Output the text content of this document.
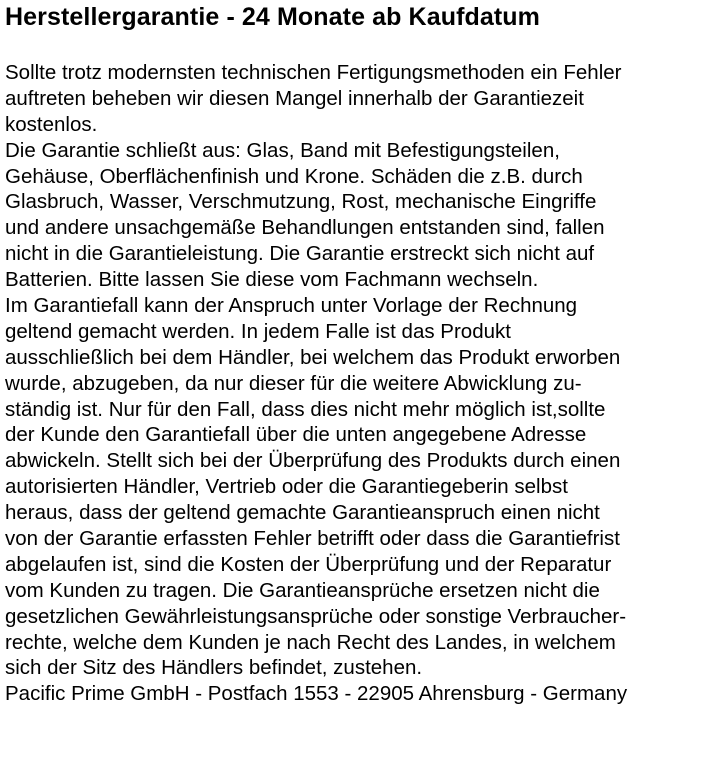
Herstellergarantie - 24 Monate ab Kaufdatum
Sollte trotz modernsten technischen Fertigungsmethoden ein Fehler
auftreten beheben wir diesen Mangel innerhalb der Garantiezeit
kostenlos.
Die Garantie schließt aus: Glas, Band mit Befestigungsteilen,
Gehäuse, Oberflächenfinish und Krone. Schäden die z.B. durch
Glasbruch, Wasser, Verschmutzung, Rost, mechanische Eingriffe
und andere unsachgemäße Behandlungen entstanden sind, fallen
nicht in die Garantieleistung. Die Garantie erstreckt sich nicht auf
Batterien. Bitte lassen Sie diese vom Fachmann wechseln.
Im Garantiefall kann der Anspruch unter Vorlage der Rechnung
geltend gemacht werden. In jedem Falle ist das Produkt
ausschließlich bei dem Händler, bei welchem das Produkt erworben
wurde, abzugeben, da nur dieser für die weitere Abwicklung zu-
ständig ist. Nur für den Fall, dass dies nicht mehr möglich ist,sollte
der Kunde den Garantiefall über die unten angegebene Adresse
abwickeln. Stellt sich bei der Überprüfung des Produkts durch einen
autorisierten Händler, Vertrieb oder die Garantiegeberin selbst
heraus, dass der geltend gemachte Garantieanspruch einen nicht
von der Garantie erfassten Fehler betrifft oder dass die Garantiefrist
abgelaufen ist, sind die Kosten der Überprüfung und der Reparatur
vom Kunden zu tragen. Die Garantieansprüche ersetzen nicht die
gesetzlichen Gewährleistungsansprüche oder sonstige Verbraucher-
rechte, welche dem Kunden je nach Recht des Landes, in welchem
sich der Sitz des Händlers befindet, zustehen.
Pacific Prime GmbH - Postfach 1553 - 22905 Ahrensburg - Germany
